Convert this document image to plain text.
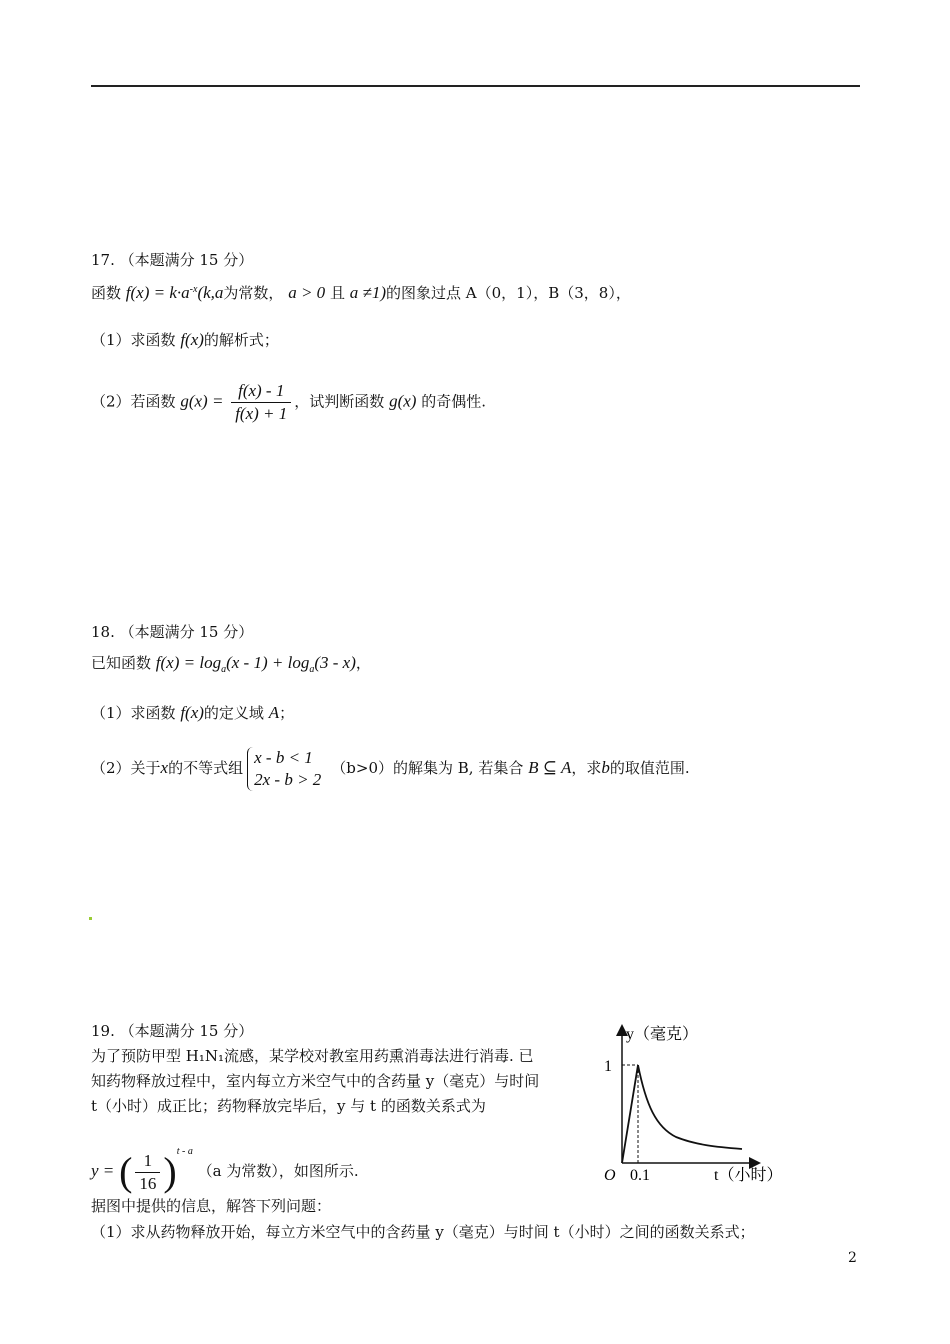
17. （本题满分 15 分）
函数 $f(x) = k\cdot a^{-x}(k,a$为常数， a > 0 且 a ≠1)的图象过点 A（0，1），B（3，8），
（1）求函数 f(x)的解析式；
（2）若函数 $g(x) = \frac{f(x) - 1}{f(x) + 1}$ ，试判断函数 g(x) 的奇偶性.
18. （本题满分 15 分）
已知函数 $f(x) = \log_a(x - 1) + \log_a(3 - x)$，
（1）求函数 f(x)的定义域 A；
（2）关于x的不等式组
x - b < 1
2x - b > 2
（b>0）的解集为 B, 若集合 B ⊆ A，求b的取值范围.
19. （本题满分 15 分）
为了预防甲型 H₁N₁流感，某学校对教室用药熏消毒法进行消毒. 已
知药物释放过程中，室内每立方米空气中的含药量 y（毫克）与时间
t（小时）成正比；药物释放完毕后，y 与 t 的函数关系式为
y = ( $\frac{1}{16} )^{t - a}$ （a 为常数），如图所示.
据图中提供的信息，解答下列问题：
（1）求从药物释放开始，每立方米空气中的含药量 y（毫克）与时间 t（小时）之间的函数关系式；
y（毫克）
1
O 0.1	t（小时）
2
